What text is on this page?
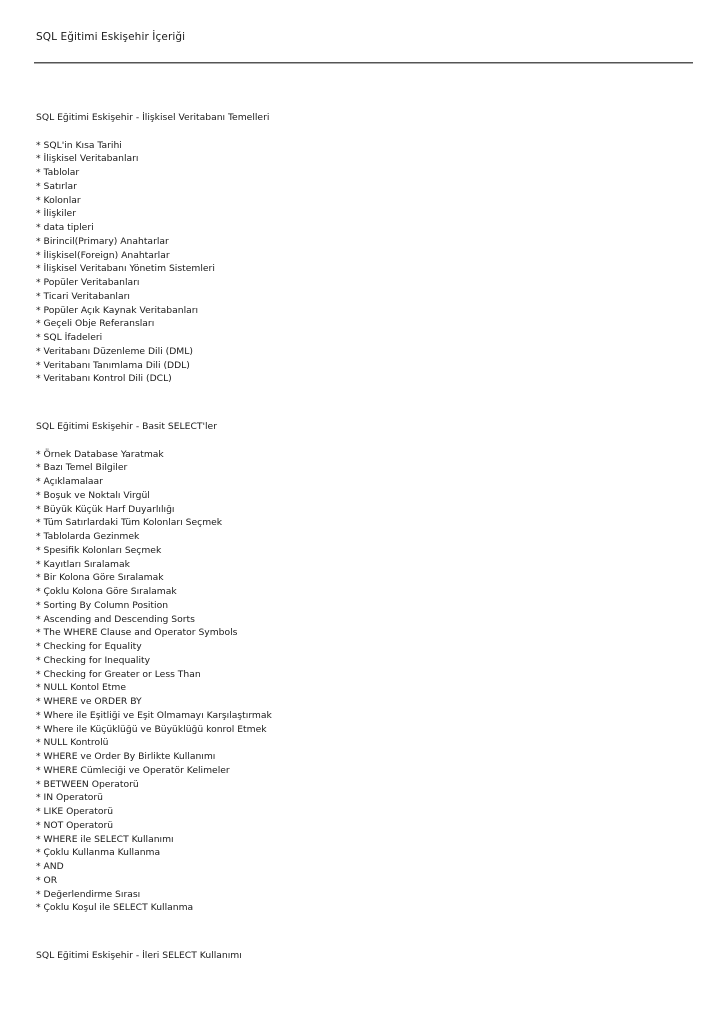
SQL Eğitimi Eskişehir İçeriği
SQL Eğitimi Eskişehir - İlişkisel Veritabanı Temelleri
* SQL'in Kısa Tarihi
* İlişkisel Veritabanları
* Tablolar
* Satırlar
* Kolonlar
* İlişkiler
* data tipleri
* Birincil(Primary) Anahtarlar
* İlişkisel(Foreign) Anahtarlar
* İlişkisel Veritabanı Yönetim Sistemleri
* Popüler Veritabanları
* Ticari Veritabanları
* Popüler Açık Kaynak Veritabanları
* Geçeli Obje Referansları
* SQL İfadeleri
* Veritabanı Düzenleme Dili (DML)
* Veritabanı Tanımlama Dili (DDL)
* Veritabanı Kontrol Dili (DCL)
SQL Eğitimi Eskişehir - Basit SELECT'ler
* Örnek Database Yaratmak
* Bazı Temel Bilgiler
* Açıklamalaar
* Boşuk ve Noktalı Virgül
* Büyük Küçük Harf Duyarlılığı
* Tüm Satırlardaki Tüm Kolonları Seçmek
* Tablolarda Gezinmek
* Spesifik Kolonları Seçmek
* Kayıtları Sıralamak
* Bir Kolona Göre Sıralamak
* Çoklu Kolona Göre Sıralamak
* Sorting By Column Position
* Ascending and Descending Sorts
* The WHERE Clause and Operator Symbols
* Checking for Equality
* Checking for Inequality
* Checking for Greater or Less Than
* NULL Kontol Etme
* WHERE ve ORDER BY
* Where ile Eşitliği ve Eşit Olmamayı Karşılaştırmak
* Where ile Küçüklüğü ve Büyüklüğü konrol Etmek
* NULL Kontrolü
* WHERE ve Order By Birlikte Kullanımı
* WHERE Cümleciği ve Operatör Kelimeler
* BETWEEN Operatorü
* IN Operatorü
* LIKE Operatorü
* NOT Operatorü
* WHERE ile SELECT Kullanımı
* Çoklu Kullanma Kullanma
* AND
* OR
* Değerlendirme Sırası
* Çoklu Koşul ile SELECT Kullanma
SQL Eğitimi Eskişehir - İleri SELECT Kullanımı
